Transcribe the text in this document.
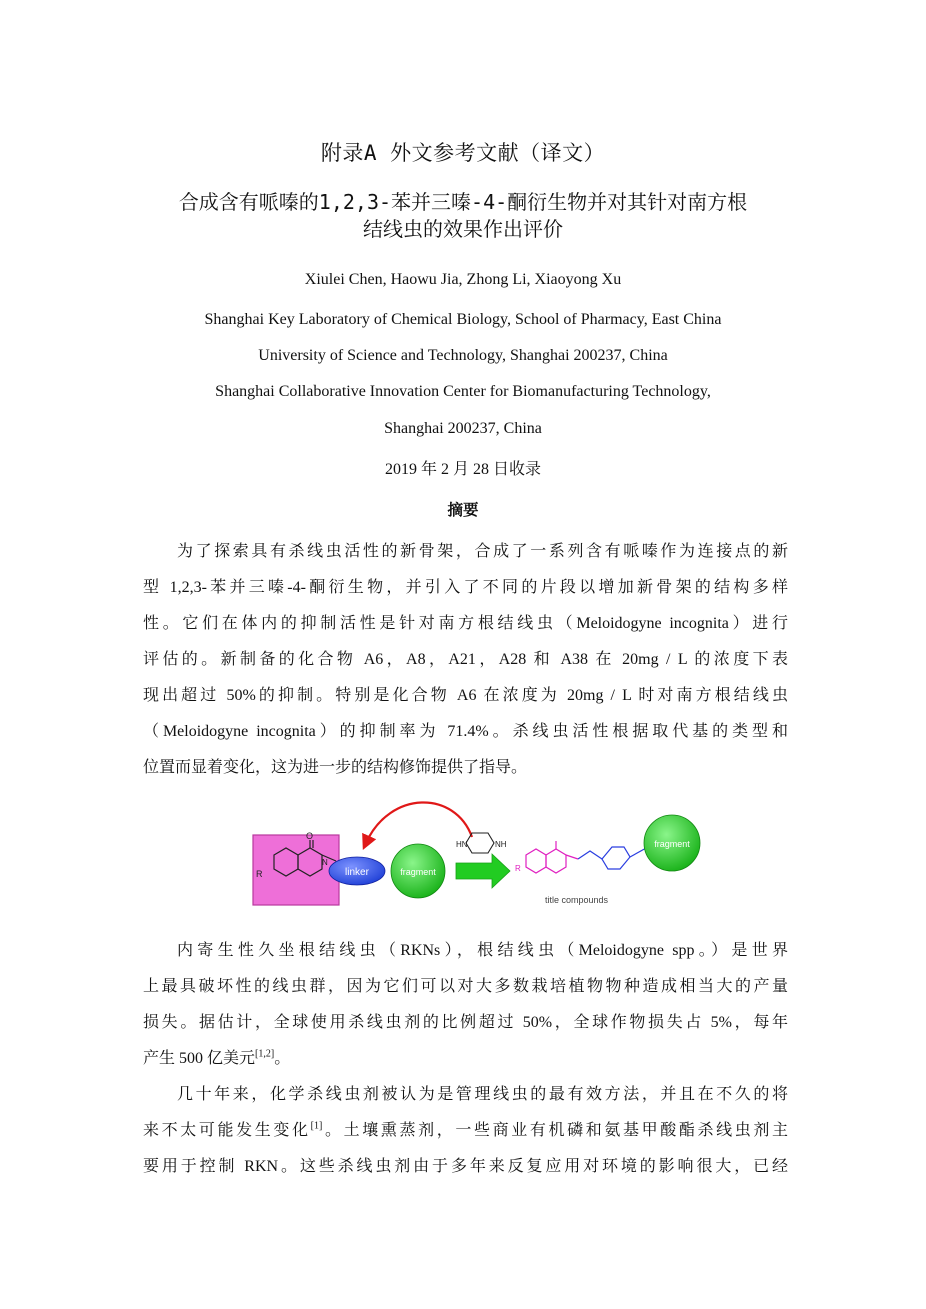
附录A 外文参考文献（译文）
合成含有哌嗪的1,2,3-苯并三嗪-4-酮衍生物并对其针对南方根
结线虫的效果作出评价
Xiulei Chen, Haowu Jia, Zhong Li, Xiaoyong Xu
Shanghai Key Laboratory of Chemical Biology, School of Pharmacy, East China
University of Science and Technology, Shanghai 200237, China
Shanghai Collaborative Innovation Center for Biomanufacturing Technology,
Shanghai 200237, China
2019 年 2 月 28 日收录
摘要
为了探索具有杀线虫活性的新骨架，合成了一系列含有哌嗪作为连接点的新
型 1,2,3-苯并三嗪-4-酮衍生物，并引入了不同的片段以增加新骨架的结构多样
性。它们在体内的抑制活性是针对南方根结线虫（Meloidogyne incognita）进行
评估的。新制备的化合物 A6，A8，A21，A28 和 A38 在 20mg / L 的浓度下表
现出超过 50%的抑制。特别是化合物 A6 在浓度为 20mg / L 时对南方根结线虫
（Meloidogyne incognita）的抑制率为 71.4%。杀线虫活性根据取代基的类型和
位置而显着变化，这为进一步的结构修饰提供了指导。
O
N
R	linker	fragment
HN	NH
R
fragment
title compounds
内寄生性久坐根结线虫（RKNs），根结线虫（Meloidogyne spp。）是世界
上最具破坏性的线虫群，因为它们可以对大多数栽培植物物种造成相当大的产量
损失。据估计，全球使用杀线虫剂的比例超过 50%，全球作物损失占 5%，每年
产生 500 亿美元[1,2]。
几十年来，化学杀线虫剂被认为是管理线虫的最有效方法，并且在不久的将
来不太可能发生变化[1]。土壤熏蒸剂，一些商业有机磷和氨基甲酸酯杀线虫剂主
要用于控制 RKN。这些杀线虫剂由于多年来反复应用对环境的影响很大，已经
